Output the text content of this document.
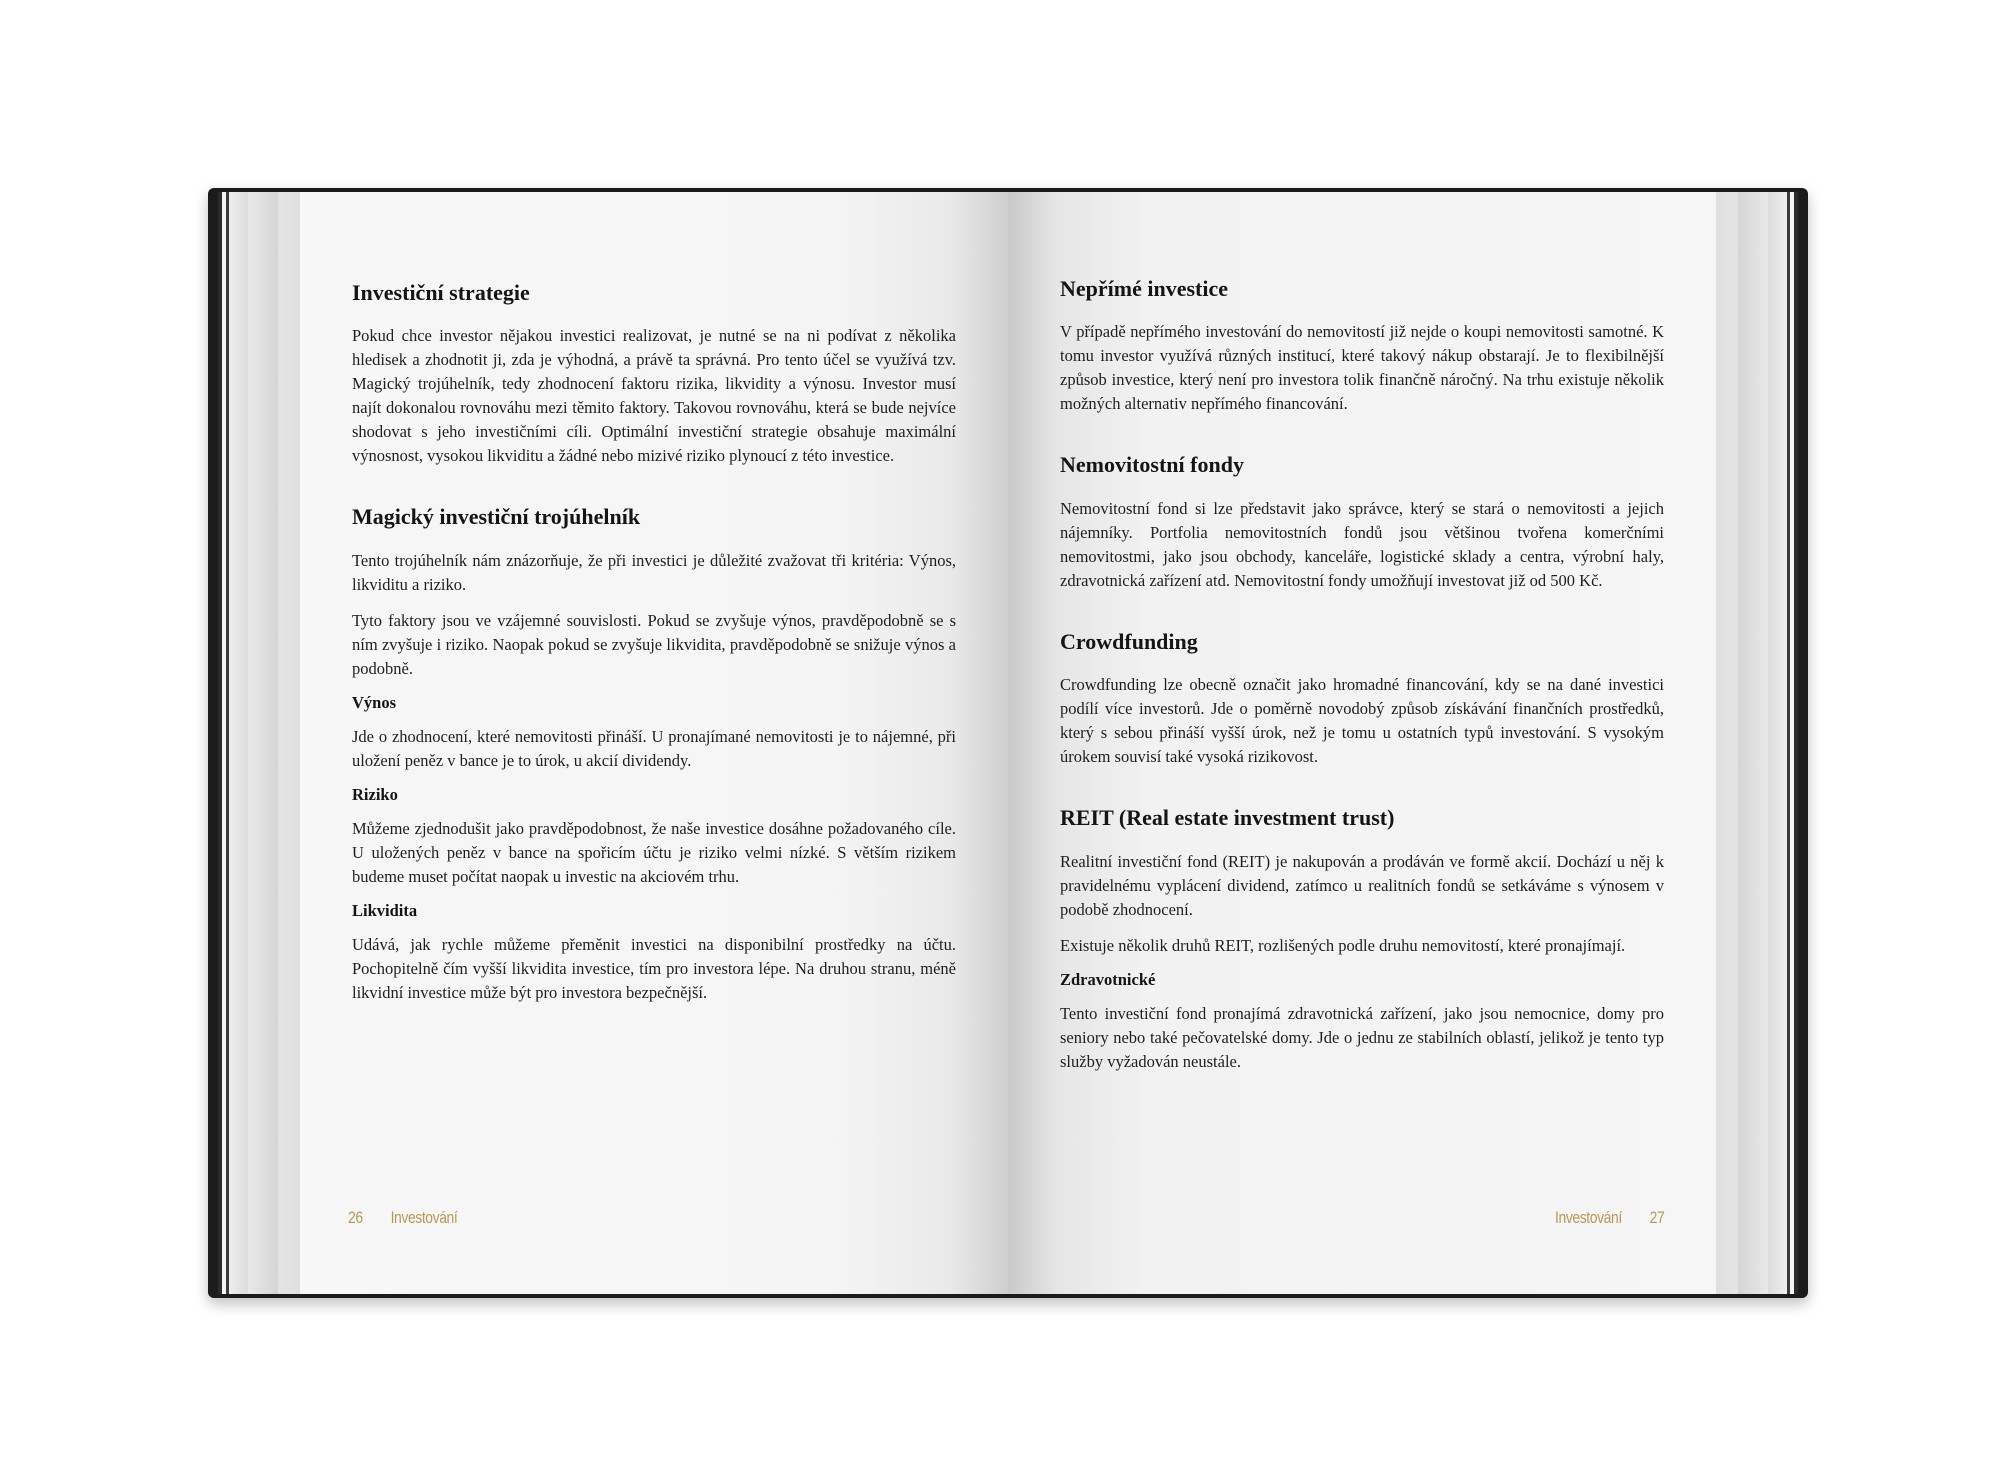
Investiční strategie

Pokud chce investor nějakou investici realizovat, je nutné se na ni podívat z několika hledisek a zhodnotit ji, zda je výhodná, a právě ta správná. Pro tento účel se využívá tzv. Magický trojúhelník, tedy zhodnocení faktoru rizika, likvidity a výnosu. Investor musí najít dokonalou rovnováhu mezi těmito faktory. Takovou rovnováhu, která se bude nejvíce shodovat s jeho investičními cíli. Optimální investiční strategie obsahuje maximální výnosnost, vysokou likviditu a žádné nebo mizivé riziko plynoucí z této investice.

Magický investiční trojúhelník

Tento trojúhelník nám znázorňuje, že při investici je důležité zvažovat tři kritéria: Výnos, likviditu a riziko.

Tyto faktory jsou ve vzájemné souvislosti. Pokud se zvyšuje výnos, pravděpodobně se s ním zvyšuje i riziko. Naopak pokud se zvyšuje likvidita, pravděpodobně se snižuje výnos a podobně.

Výnos

Jde o zhodnocení, které nemovitosti přináší. U pronajímané nemovitosti je to nájemné, při uložení peněz v bance je to úrok, u akcií dividendy.

Riziko

Můžeme zjednodušit jako pravděpodobnost, že naše investice dosáhne požadovaného cíle. U uložených peněz v bance na spořicím účtu je riziko velmi nízké. S větším rizikem budeme muset počítat naopak u investic na akciovém trhu.

Likvidita

Udává, jak rychle můžeme přeměnit investici na disponibilní prostředky na účtu. Pochopitelně čím vyšší likvidita investice, tím pro investora lépe. Na druhou stranu, méně likvidní investice může být pro investora bezpečnější.

26 Investování
Nepřímé investice

V případě nepřímého investování do nemovitostí již nejde o koupi nemovitosti samotné. K tomu investor využívá různých institucí, které takový nákup obstarají. Je to flexibilnější způsob investice, který není pro investora tolik finančně náročný. Na trhu existuje několik možných alternativ nepřímého financování.

Nemovitostní fondy

Nemovitostní fond si lze představit jako správce, který se stará o nemovitosti a jejich nájemníky. Portfolia nemovitostních fondů jsou většinou tvořena komerčními nemovitostmi, jako jsou obchody, kanceláře, logistické sklady a centra, výrobní haly, zdravotnická zařízení atd. Nemovitostní fondy umožňují investovat již od 500 Kč.

Crowdfunding

Crowdfunding lze obecně označit jako hromadné financování, kdy se na dané investici podílí více investorů. Jde o poměrně novodobý způsob získávání finančních prostředků, který s sebou přináší vyšší úrok, než je tomu u ostatních typů investování. S vysokým úrokem souvisí také vysoká rizikovost.

REIT (Real estate investment trust)

Realitní investiční fond (REIT) je nakupován a prodáván ve formě akcií. Dochází u něj k pravidelnému vyplácení dividend, zatímco u realitních fondů se setkáváme s výnosem v podobě zhodnocení.

Existuje několik druhů REIT, rozlišených podle druhu nemovitostí, které pronajímají.

Zdravotnické

Tento investiční fond pronajímá zdravotnická zařízení, jako jsou nemocnice, domy pro seniory nebo také pečovatelské domy. Jde o jednu ze stabilních oblastí, jelikož je tento typ služby vyžadován neustále.

Investování 27
